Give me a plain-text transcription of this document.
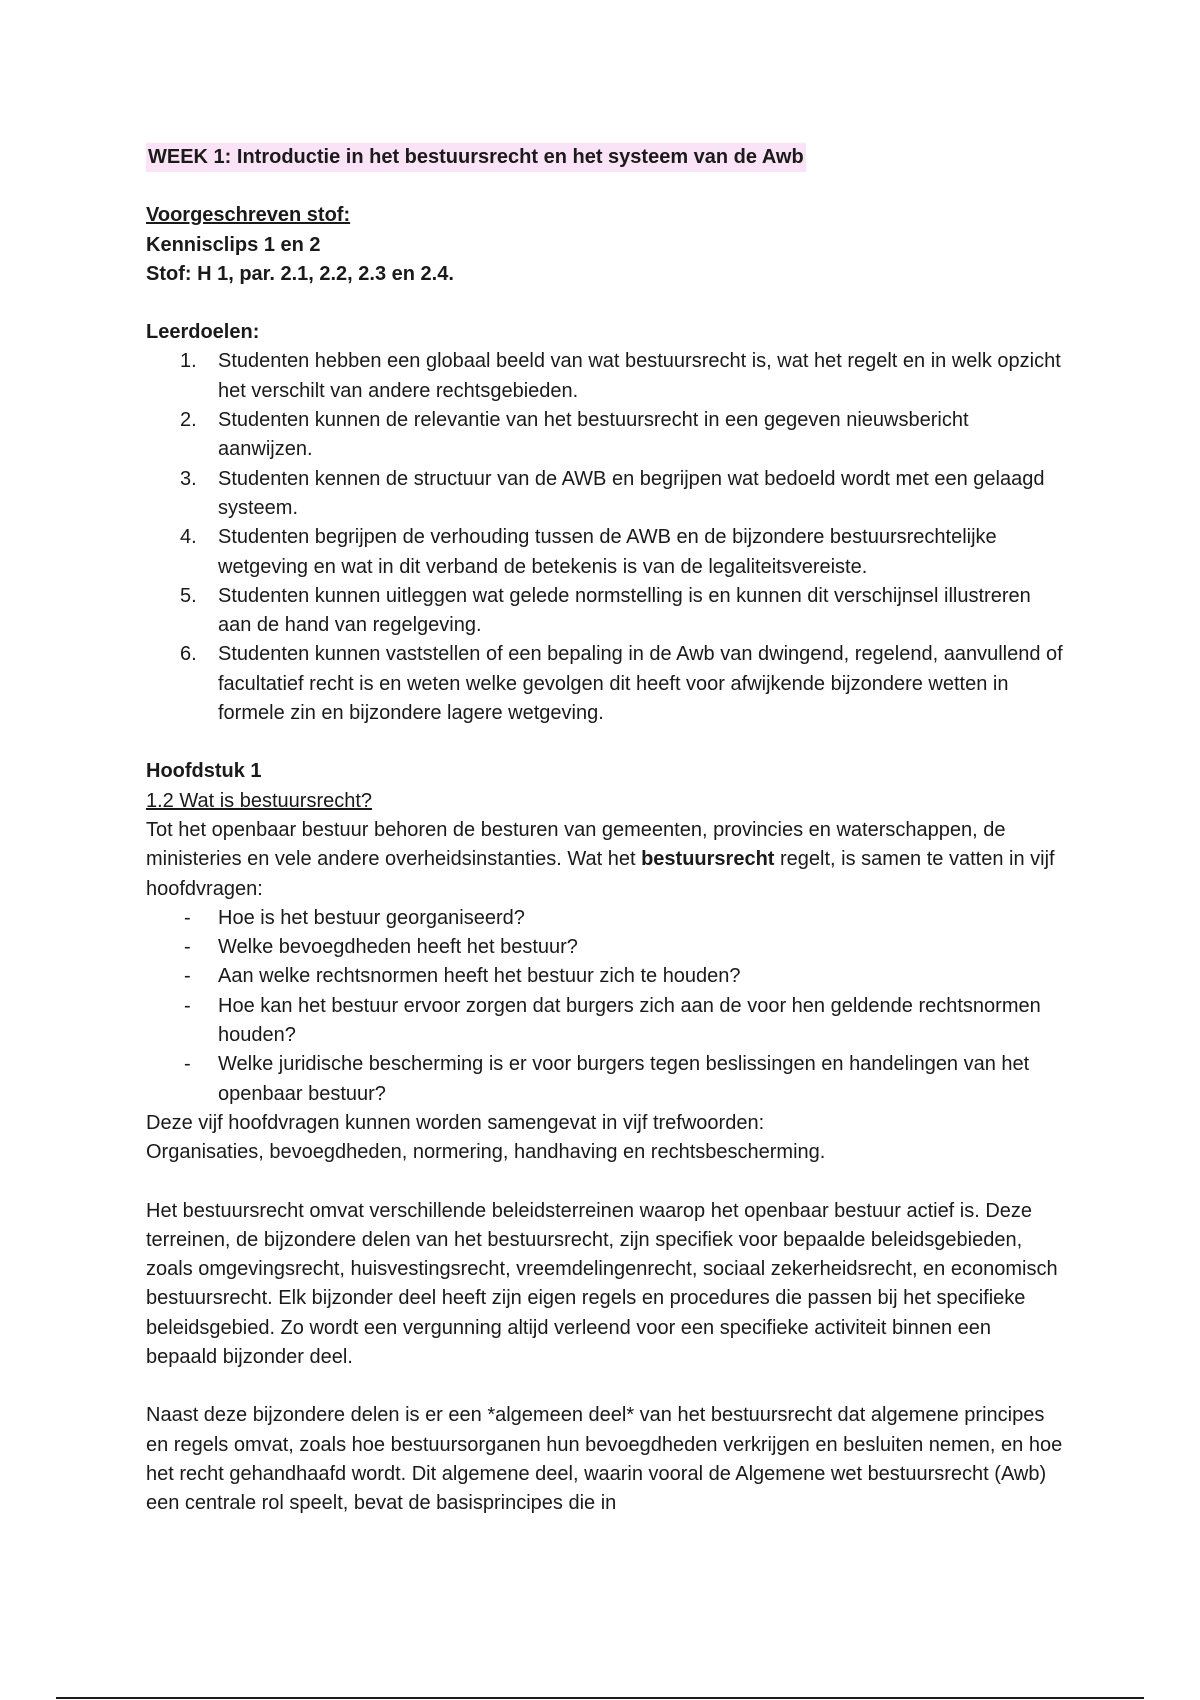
WEEK 1: Introductie in het bestuursrecht en het systeem van de Awb

Voorgeschreven stof:

Kennisclips 1 en 2

Stof: H 1, par. 2.1, 2.2, 2.3 en 2.4.

Leerdoelen:

1. Studenten hebben een globaal beeld van wat bestuursrecht is, wat het regelt en in welk opzicht het verschilt van andere rechtsgebieden.
2. Studenten kunnen de relevantie van het bestuursrecht in een gegeven nieuwsbericht aanwijzen.
3. Studenten kennen de structuur van de AWB en begrijpen wat bedoeld wordt met een gelaagd systeem.
4. Studenten begrijpen de verhouding tussen de AWB en de bijzondere bestuursrechtelijke wetgeving en wat in dit verband de betekenis is van de legaliteitsvereiste.
5. Studenten kunnen uitleggen wat gelede normstelling is en kunnen dit verschijnsel illustreren aan de hand van regelgeving.
6. Studenten kunnen vaststellen of een bepaling in de Awb van dwingend, regelend, aanvullend of facultatief recht is en weten welke gevolgen dit heeft voor afwijkende bijzondere wetten in formele zin en bijzondere lagere wetgeving.

Hoofdstuk 1

1.2 Wat is bestuursrecht?

Tot het openbaar bestuur behoren de besturen van gemeenten, provincies en waterschappen, de ministeries en vele andere overheidsinstanties. Wat het bestuursrecht regelt, is samen te vatten in vijf hoofdvragen:

- Hoe is het bestuur georganiseerd?
- Welke bevoegdheden heeft het bestuur?
- Aan welke rechtsnormen heeft het bestuur zich te houden?
- Hoe kan het bestuur ervoor zorgen dat burgers zich aan de voor hen geldende rechtsnormen houden?
- Welke juridische bescherming is er voor burgers tegen beslissingen en handelingen van het openbaar bestuur?

Deze vijf hoofdvragen kunnen worden samengevat in vijf trefwoorden:

Organisaties, bevoegdheden, normering, handhaving en rechtsbescherming.

Het bestuursrecht omvat verschillende beleidsterreinen waarop het openbaar bestuur actief is. Deze terreinen, de bijzondere delen van het bestuursrecht, zijn specifiek voor bepaalde beleidsgebieden, zoals omgevingsrecht, huisvestingsrecht, vreemdelingenrecht, sociaal zekerheidsrecht, en economisch bestuursrecht. Elk bijzonder deel heeft zijn eigen regels en procedures die passen bij het specifieke beleidsgebied. Zo wordt een vergunning altijd verleend voor een specifieke activiteit binnen een bepaald bijzonder deel.

Naast deze bijzondere delen is er een *algemeen deel* van het bestuursrecht dat algemene principes en regels omvat, zoals hoe bestuursorganen hun bevoegdheden verkrijgen en besluiten nemen, en hoe het recht gehandhaafd wordt. Dit algemene deel, waarin vooral de Algemene wet bestuursrecht (Awb) een centrale rol speelt, bevat de basisprincipes die in
